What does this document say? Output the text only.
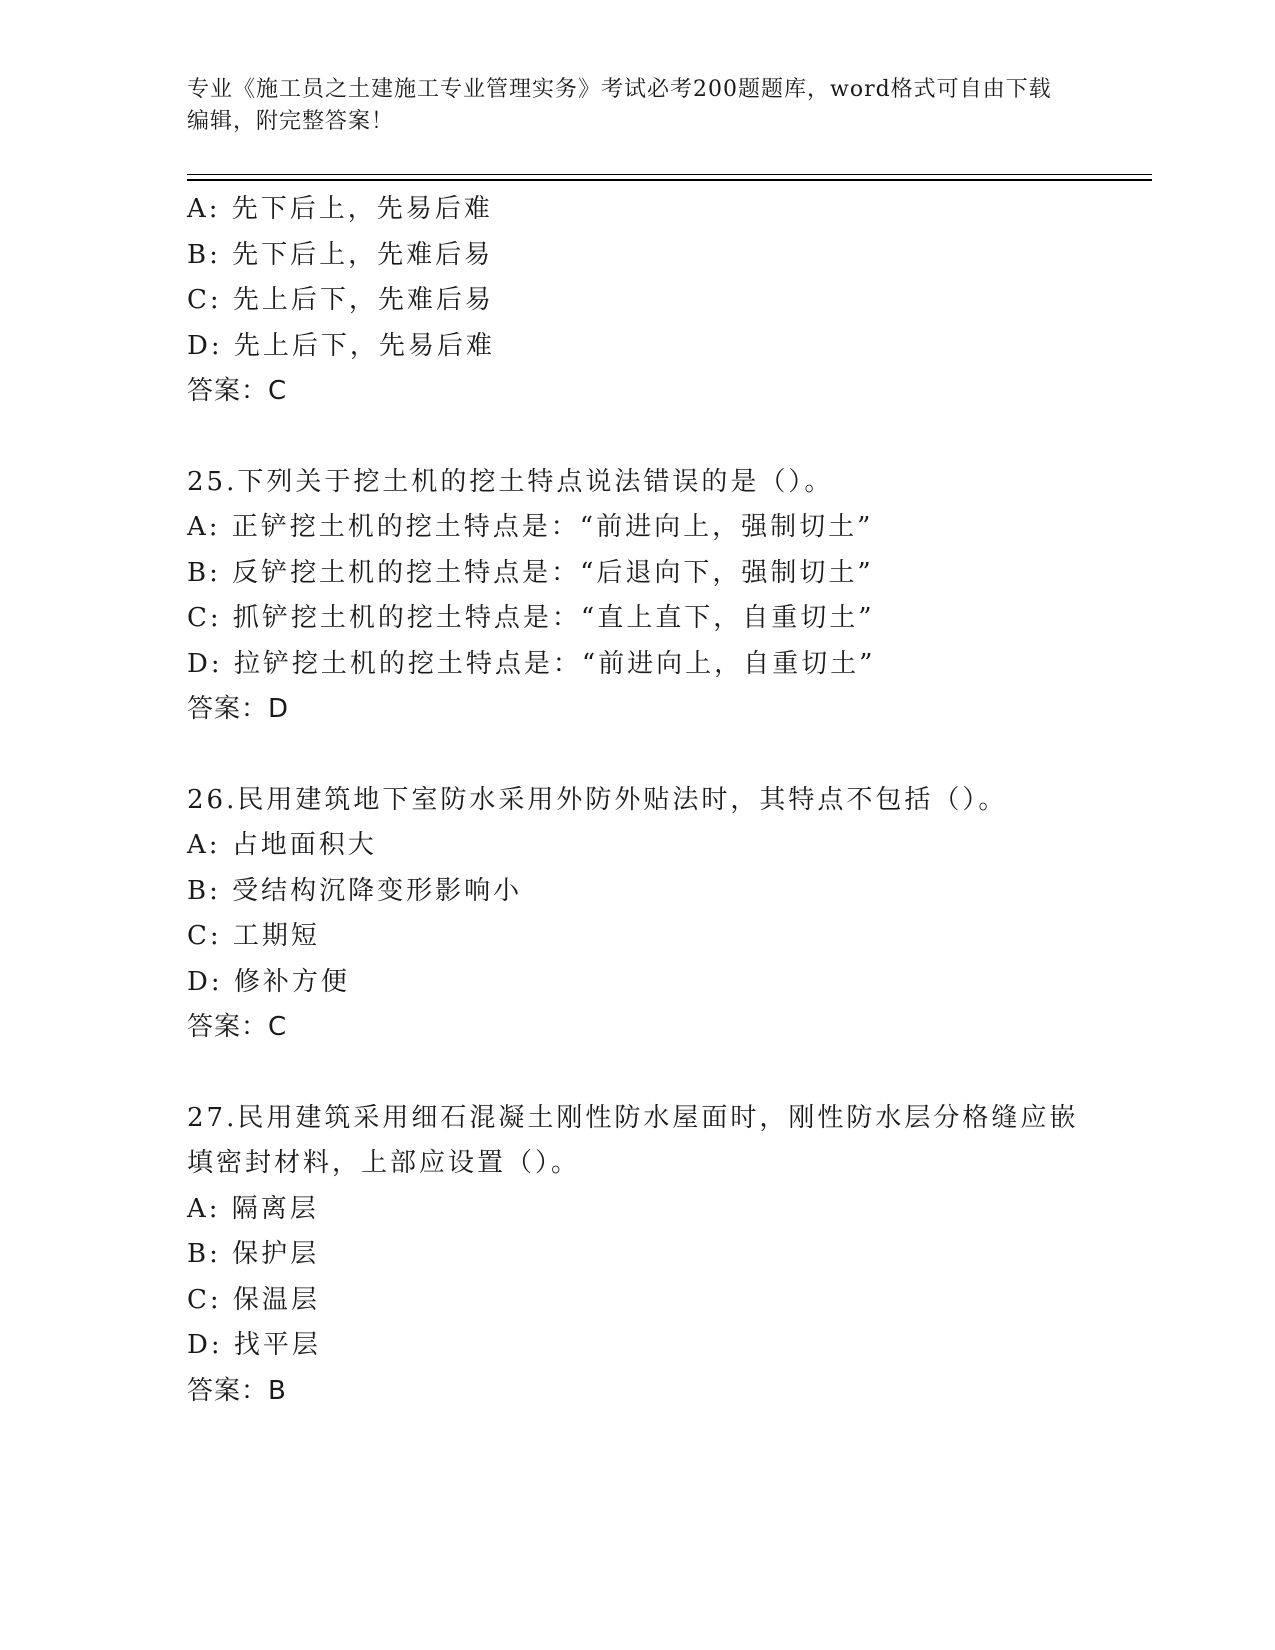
专业《施工员之土建施工专业管理实务》考试必考200题题库，word格式可自由下载编辑，附完整答案！
A: 先下后上，先易后难
B: 先下后上，先难后易
C: 先上后下，先难后易
D: 先上后下，先易后难
答案：C
25.下列关于挖土机的挖土特点说法错误的是（）。
A: 正铲挖土机的挖土特点是：“前进向上，强制切土”
B: 反铲挖土机的挖土特点是：“后退向下，强制切土”
C: 抓铲挖土机的挖土特点是：“直上直下，自重切土”
D: 拉铲挖土机的挖土特点是：“前进向上，自重切土”
答案：D
26.民用建筑地下室防水采用外防外贴法时，其特点不包括（）。
A: 占地面积大
B: 受结构沉降变形影响小
C: 工期短
D: 修补方便
答案：C
27.民用建筑采用细石混凝土刚性防水屋面时，刚性防水层分格缝应嵌填密封材料，上部应设置（）。
A: 隔离层
B: 保护层
C: 保温层
D: 找平层
答案：B
